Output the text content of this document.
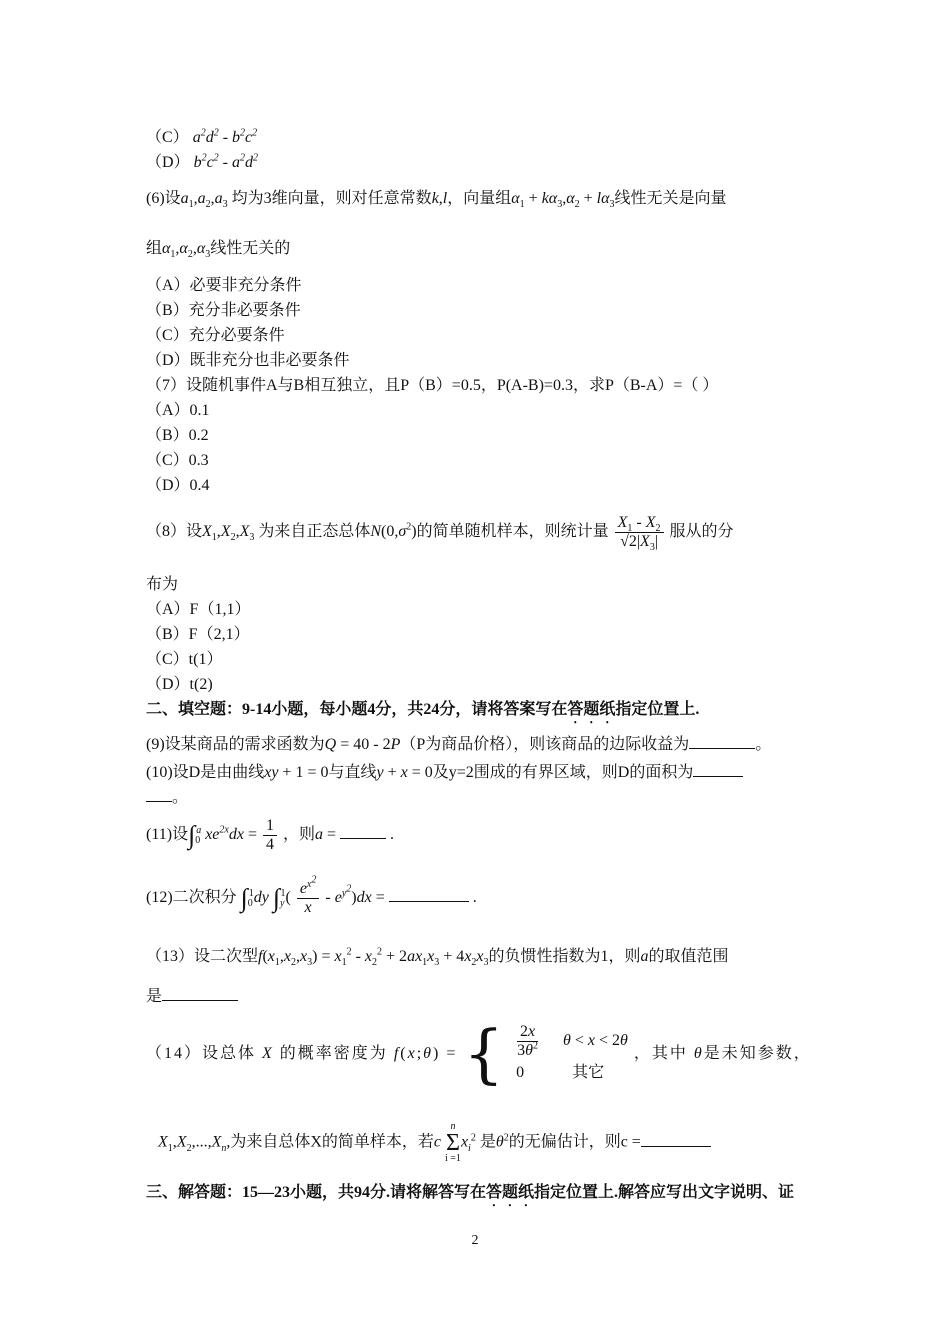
（C） $a^2d^2 - b^2c^2$
（D） $b^2c^2 - a^2d^2$
(6)设$a_1,a_2,a_3$ 均为3维向量，则对任意常数k,l，向量组$\alpha_1 + k\alpha_3,\alpha_2 + l\alpha_3$线性无关是向量
组$\alpha_1,\alpha_2,\alpha_3$线性无关的
（A）必要非充分条件
（B）充分非必要条件
（C）充分必要条件
（D）既非充分也非必要条件
（7）设随机事件A与B相互独立，且P（B）=0.5，P(A-B)=0.3，求P（B-A）=（ ）
（A）0.1
（B）0.2
（C）0.3
（D）0.4
（8）设$X_1,X_2,X_3$ 为来自正态总体$N(0,\sigma^2)$的简单随机样本，则统计量 $\frac{X_1 - X_2}{√2|X_3|}$ 服从的分
布为
（A）F（1,1）
（B）F（2,1）
（C）t(1）
（D）t(2)
二、填空题：9-14小题，每小题4分，共24分，请将答案写在答题纸指定位置上.
(9)设某商品的需求函数为Q = 40 - 2P（P为商品价格），则该商品的边际收益为	。
(10)设D是由曲线xy + 1 = 0与直线y + x = 0及y=2围成的有界区域，则D的面积为
。
(11)设$\int_0^a$ $xe^{2x}dx = \frac{1}{4}$ ，则a =	.
(12)二次积分 $\int_0^1dy$ $\int_y^1( \frac{e^{x^2}}{x} - e^{y^2})dx$ =	.
（13）设二次型$f(x_1,x_2,x_3) = x_1^2 - x_2^2 + 2ax_1x_3 + 4x_2x_3$的负惯性指数为1，则a的取值范围
是
（14）设总体 X 的概率密度为 f(x;θ) = { $\frac{2x}{3\theta^2}$ θ < x < 2θ
0            其它
，其中 θ是未知参数，
$X_1,X_2,...,X_n$,为来自总体X的简单样本，若c
n
Σ
i =1
$x_i^2$ 是$\theta^2$的无偏估计，则c =
三、解答题：15—23小题，共94分.请将解答写在答题纸指定位置上.解答应写出文字说明、证
2
